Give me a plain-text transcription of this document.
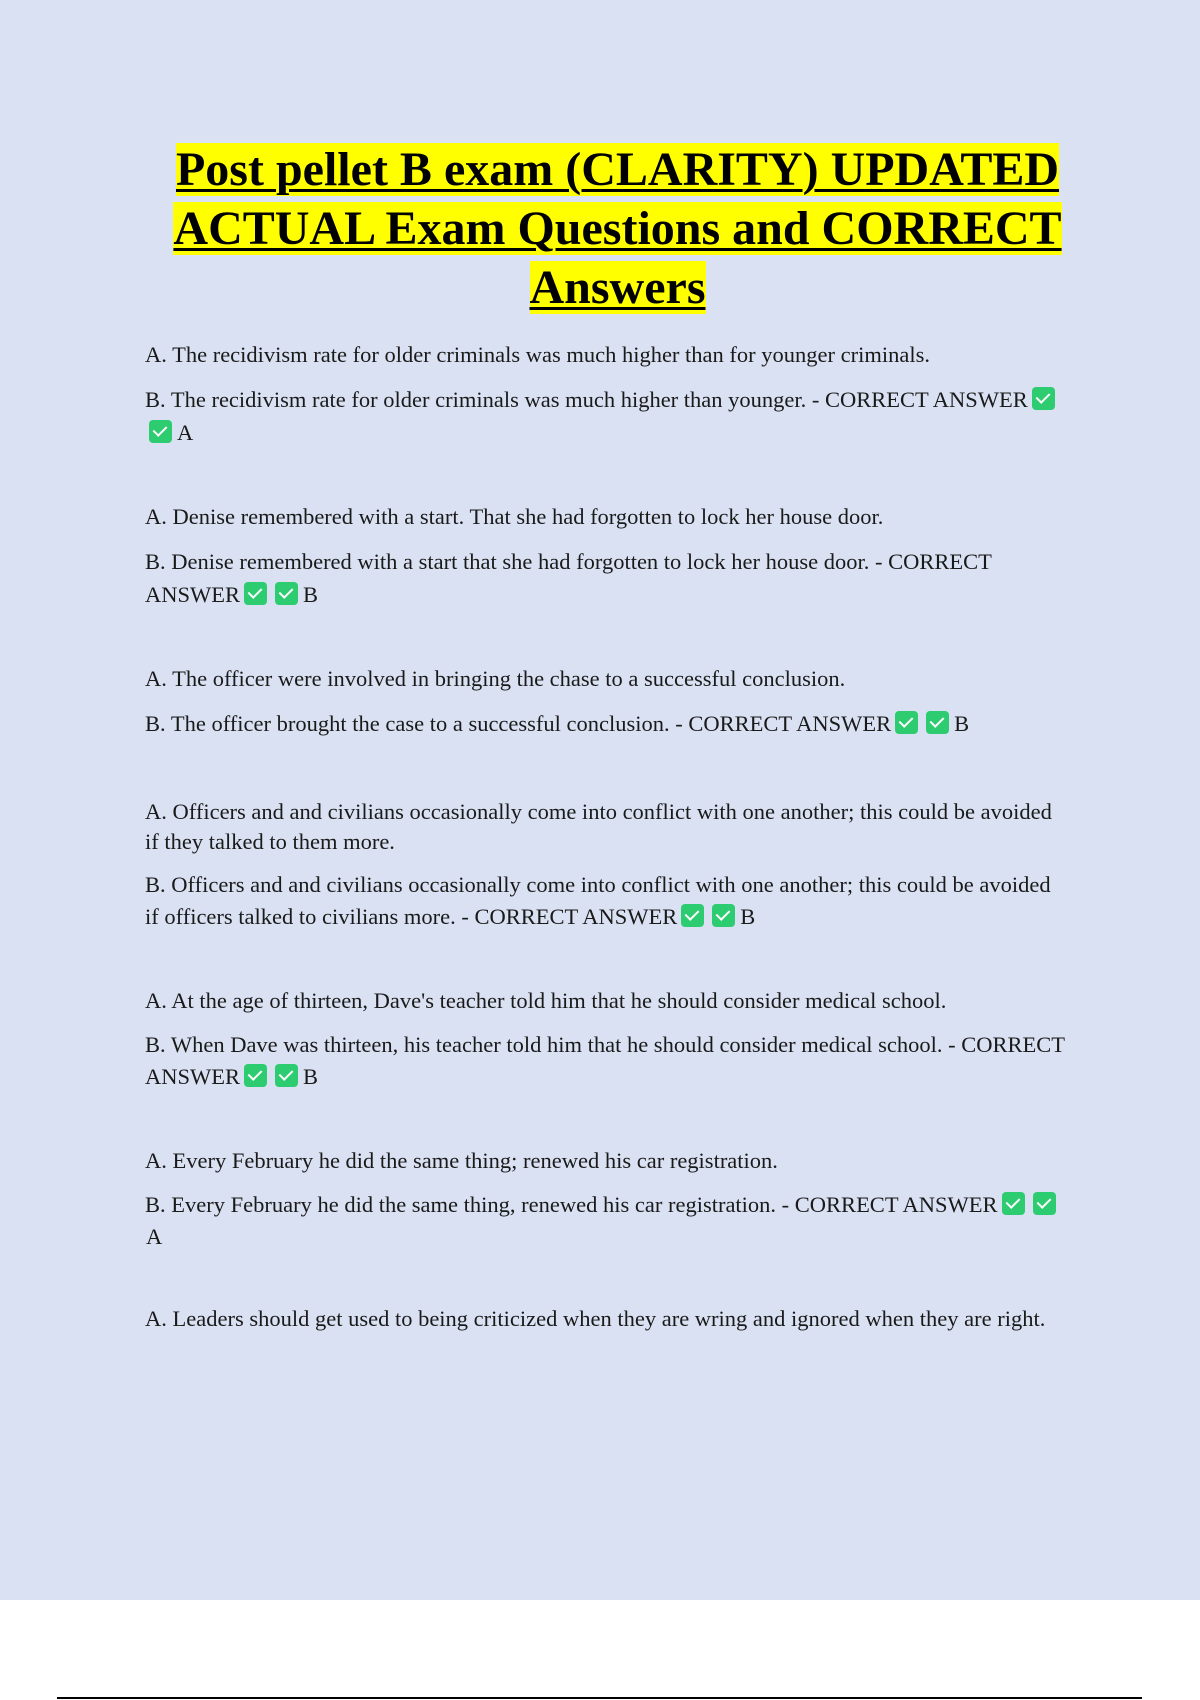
Post pellet B exam (CLARITY) UPDATED
ACTUAL Exam Questions and CORRECT
Answers

A. The recidivism rate for older criminals was much higher than for younger criminals.

B. The recidivism rate for older criminals was much higher than younger. - CORRECT ANSWERA

A. Denise remembered with a start. That she had forgotten to lock her house door.

B. Denise remembered with a start that she had forgotten to lock her house door. - CORRECT ANSWER	B

A. The officer were involved in bringing the chase to a successful conclusion.

B. The officer brought the case to a successful conclusion. - CORRECT ANSWER	B

A. Officers and and civilians occasionally come into conflict with one another; this could be avoided if they talked to them more.

B. Officers and and civilians occasionally come into conflict with one another; this could be avoided if officers talked to civilians more. - CORRECT ANSWER	B

A. At the age of thirteen, Dave's teacher told him that he should consider medical school.

B. When Dave was thirteen, his teacher told him that he should consider medical school. - CORRECT ANSWER	B

A. Every February he did the same thing; renewed his car registration.

B. Every February he did the same thing, renewed his car registration. - CORRECT ANSWERA

A. Leaders should get used to being criticized when they are wring and ignored when they are right.
